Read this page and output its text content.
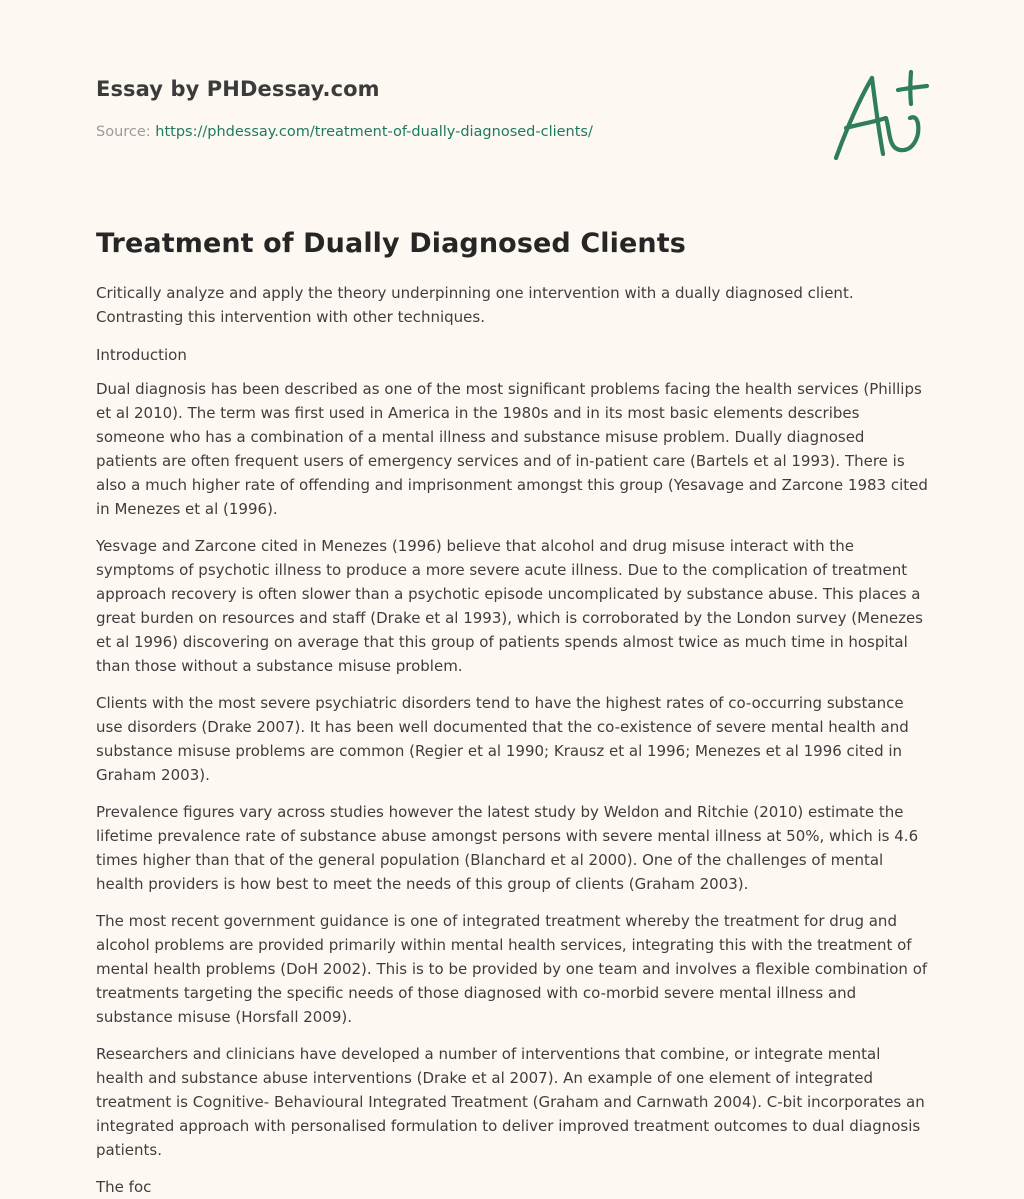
Essay by PHDessay.com
Source: https://phdessay.com/treatment-of-dually-diagnosed-clients/
Treatment of Dually Diagnosed Clients

Critically analyze and apply the theory underpinning one intervention with a dually diagnosed client. Contrasting this intervention with other techniques.

Introduction

Dual diagnosis has been described as one of the most significant problems facing the health services (Phillips et al 2010). The term was first used in America in the 1980s and in its most basic elements describes someone who has a combination of a mental illness and substance misuse problem. Dually diagnosed patients are often frequent users of emergency services and of in-patient care (Bartels et al 1993). There is also a much higher rate of offending and imprisonment amongst this group (Yesavage and Zarcone 1983 cited in Menezes et al (1996).

Yesvage and Zarcone cited in Menezes (1996) believe that alcohol and drug misuse interact with the symptoms of psychotic illness to produce a more severe acute illness. Due to the complication of treatment approach recovery is often slower than a psychotic episode uncomplicated by substance abuse. This places a great burden on resources and staff (Drake et al 1993), which is corroborated by the London survey (Menezes et al 1996) discovering on average that this group of patients spends almost twice as much time in hospital than those without a substance misuse problem.

Clients with the most severe psychiatric disorders tend to have the highest rates of co-occurring substance use disorders (Drake 2007). It has been well documented that the co-existence of severe mental health and substance misuse problems are common (Regier et al 1990; Krausz et al 1996; Menezes et al 1996 cited in Graham 2003).

Prevalence figures vary across studies however the latest study by Weldon and Ritchie (2010) estimate the lifetime prevalence rate of substance abuse amongst persons with severe mental illness at 50%, which is 4.6 times higher than that of the general population (Blanchard et al 2000). One of the challenges of mental health providers is how best to meet the needs of this group of clients (Graham 2003).

The most recent government guidance is one of integrated treatment whereby the treatment for drug and alcohol problems are provided primarily within mental health services, integrating this with the treatment of mental health problems (DoH 2002). This is to be provided by one team and involves a flexible combination of treatments targeting the specific needs of those diagnosed with co-morbid severe mental illness and substance misuse (Horsfall 2009).

Researchers and clinicians have developed a number of interventions that combine, or integrate mental health and substance abuse interventions (Drake et al 2007). An example of one element of integrated treatment is Cognitive- Behavioural Integrated Treatment (Graham and Carnwath 2004). C-bit incorporates an integrated approach with personalised formulation to deliver improved treatment outcomes to dual diagnosis patients.

The foc
